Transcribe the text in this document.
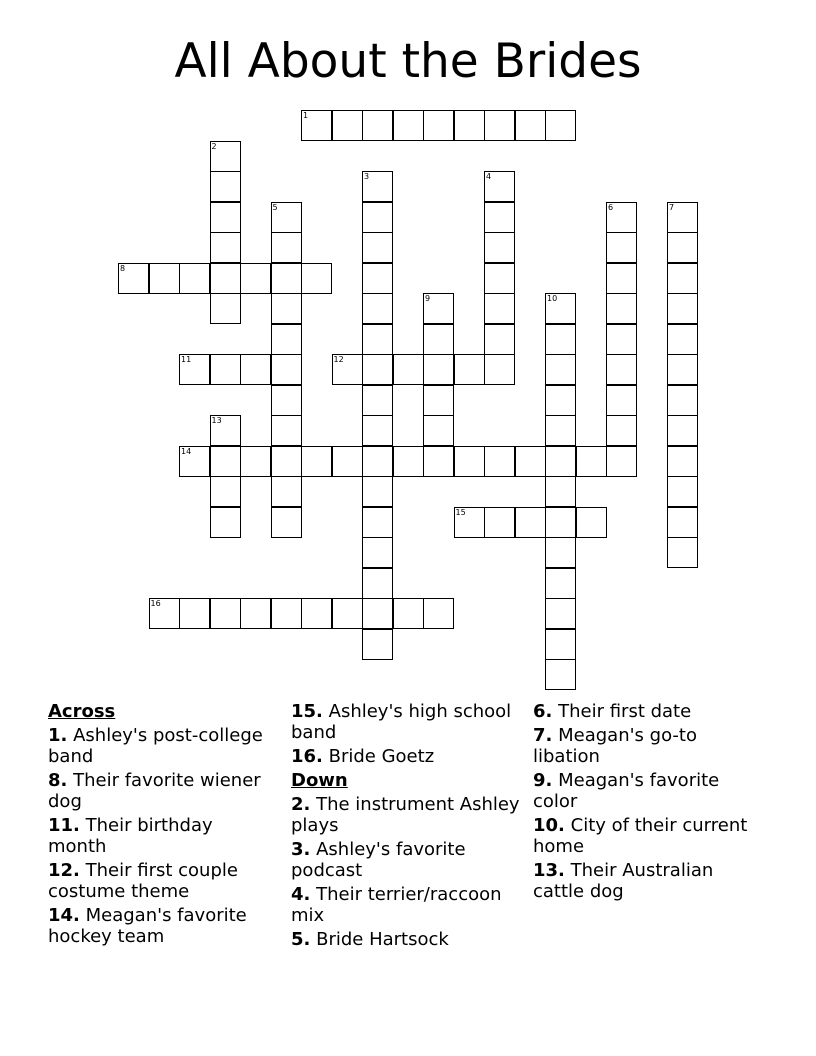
All About the Brides
1
2
3	4
5	6	7
8
9	10
11	12
13
14
15
16
Across
1. Ashley's post-college band
8. Their favorite wiener dog
11. Their birthday month
12. Their first couple costume theme
14. Meagan's favorite hockey team
15. Ashley's high school band
16. Bride Goetz
Down
2. The instrument Ashley plays
3. Ashley's favorite podcast
4. Their terrier/raccoon mix
5. Bride Hartsock
6. Their first date
7. Meagan's go-to libation
9. Meagan's favorite color
10. City of their current home
13. Their Australian cattle dog
